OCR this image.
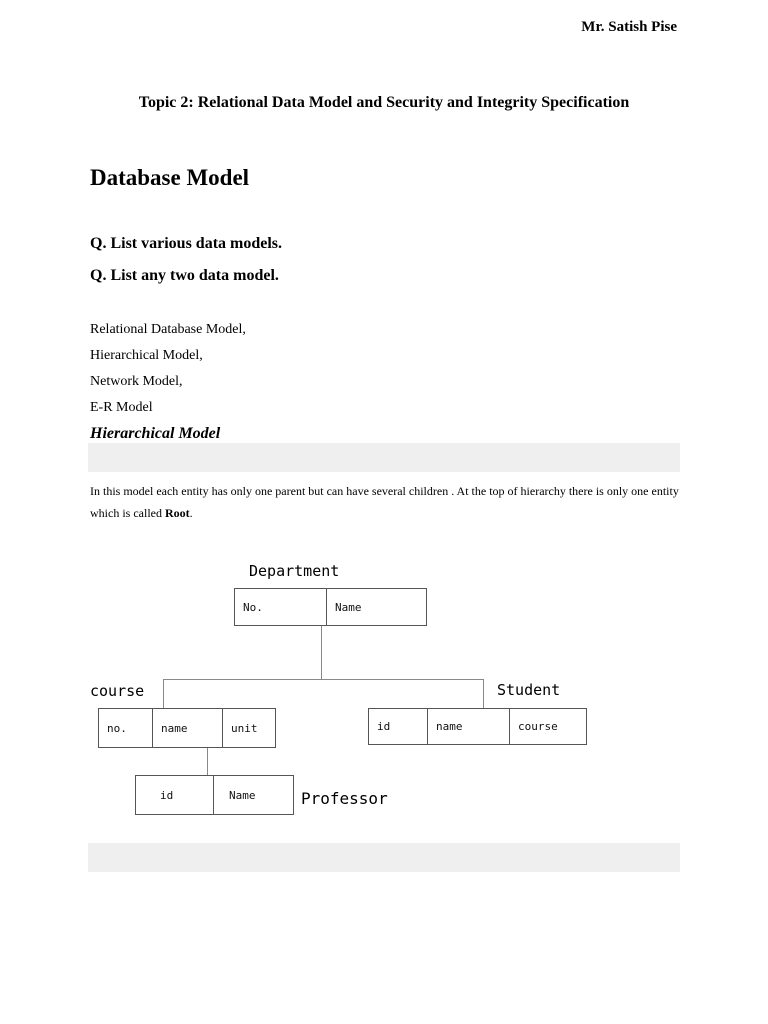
Mr. Satish Pise
Topic 2: Relational Data Model and Security and Integrity Specification
Database Model
Q. List various data models.
Q. List any two data model.
Relational Database Model,
Hierarchical Model,
Network Model,
E-R Model
Hierarchical Model
In this model each entity has only one parent but can have several children . At the top of hierarchy there is only one entity which is called Root.
Department
No.	Name
course
no.	name	unit
Student
id	name	course
id	Name	Professor
